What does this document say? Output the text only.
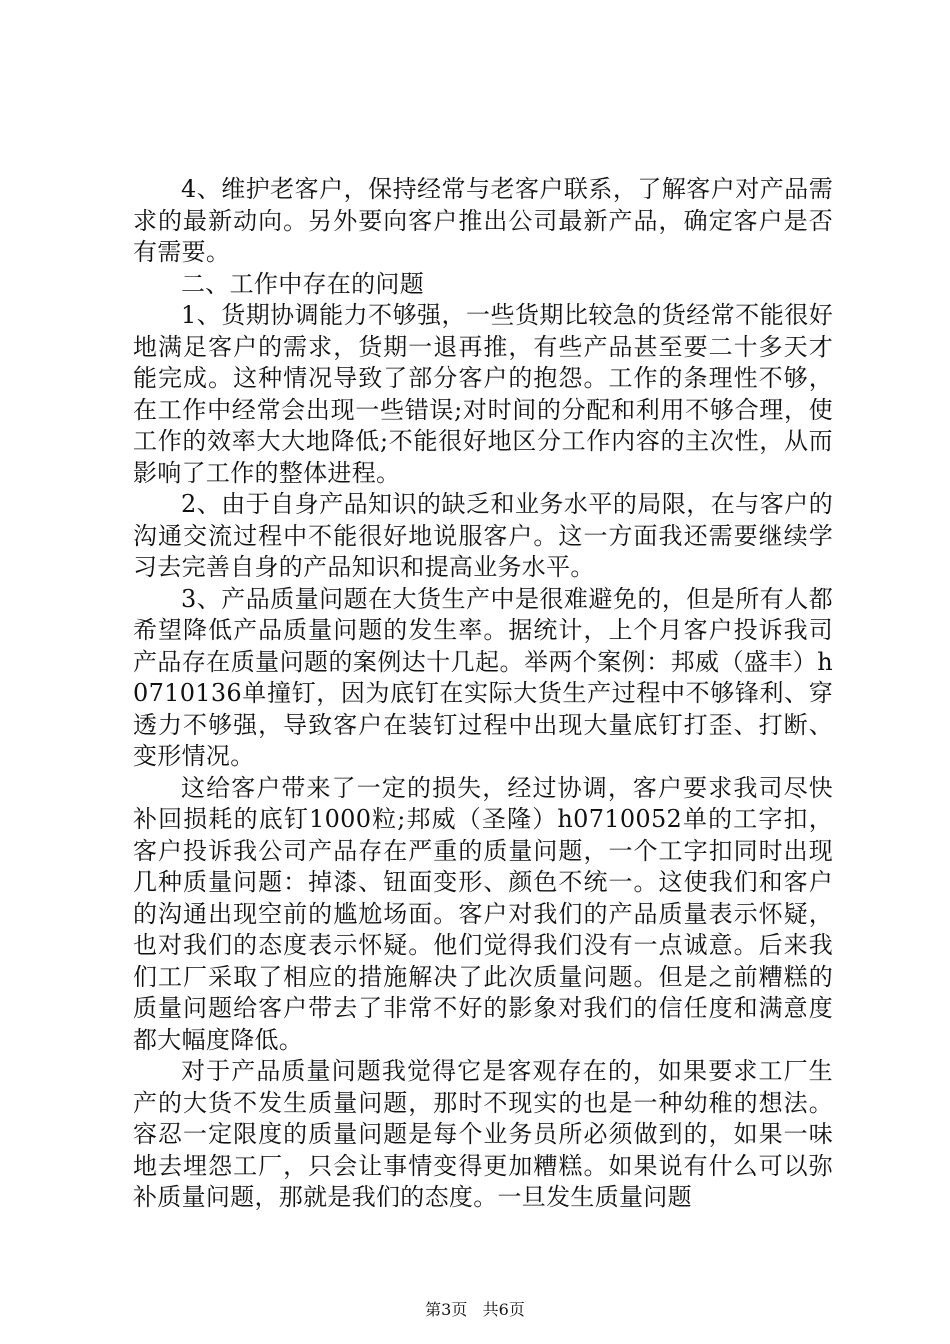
4、维护老客户，保持经常与老客户联系，了解客户对产品需求的最新动向。另外要向客户推出公司最新产品，确定客户是否有需要。

二、工作中存在的问题

1、货期协调能力不够强，一些货期比较急的货经常不能很好地满足客户的需求，货期一退再推，有些产品甚至要二十多天才能完成。这种情况导致了部分客户的抱怨。工作的条理性不够，在工作中经常会出现一些错误;对时间的分配和利用不够合理，使工作的效率大大地降低;不能很好地区分工作内容的主次性，从而影响了工作的整体进程。

2、由于自身产品知识的缺乏和业务水平的局限，在与客户的沟通交流过程中不能很好地说服客户。这一方面我还需要继续学习去完善自身的产品知识和提高业务水平。

3、产品质量问题在大货生产中是很难避免的，但是所有人都希望降低产品质量问题的发生率。据统计，上个月客户投诉我司产品存在质量问题的案例达十几起。举两个案例：邦威（盛丰）h0710136单撞钉，因为底钉在实际大货生产过程中不够锋利、穿透力不够强，导致客户在装钉过程中出现大量底钉打歪、打断、变形情况。

这给客户带来了一定的损失，经过协调，客户要求我司尽快补回损耗的底钉1000粒;邦威（圣隆）h0710052单的工字扣，客户投诉我公司产品存在严重的质量问题，一个工字扣同时出现几种质量问题：掉漆、钮面变形、颜色不统一。这使我们和客户的沟通出现空前的尴尬场面。客户对我们的产品质量表示怀疑，也对我们的态度表示怀疑。他们觉得我们没有一点诚意。后来我们工厂采取了相应的措施解决了此次质量问题。但是之前糟糕的质量问题给客户带去了非常不好的影象对我们的信任度和满意度都大幅度降低。

对于产品质量问题我觉得它是客观存在的，如果要求工厂生产的大货不发生质量问题，那时不现实的也是一种幼稚的想法。容忍一定限度的质量问题是每个业务员所必须做到的，如果一味地去埋怨工厂，只会让事情变得更加糟糕。如果说有什么可以弥补质量问题，那就是我们的态度。一旦发生质量问题

第3页 共6页
